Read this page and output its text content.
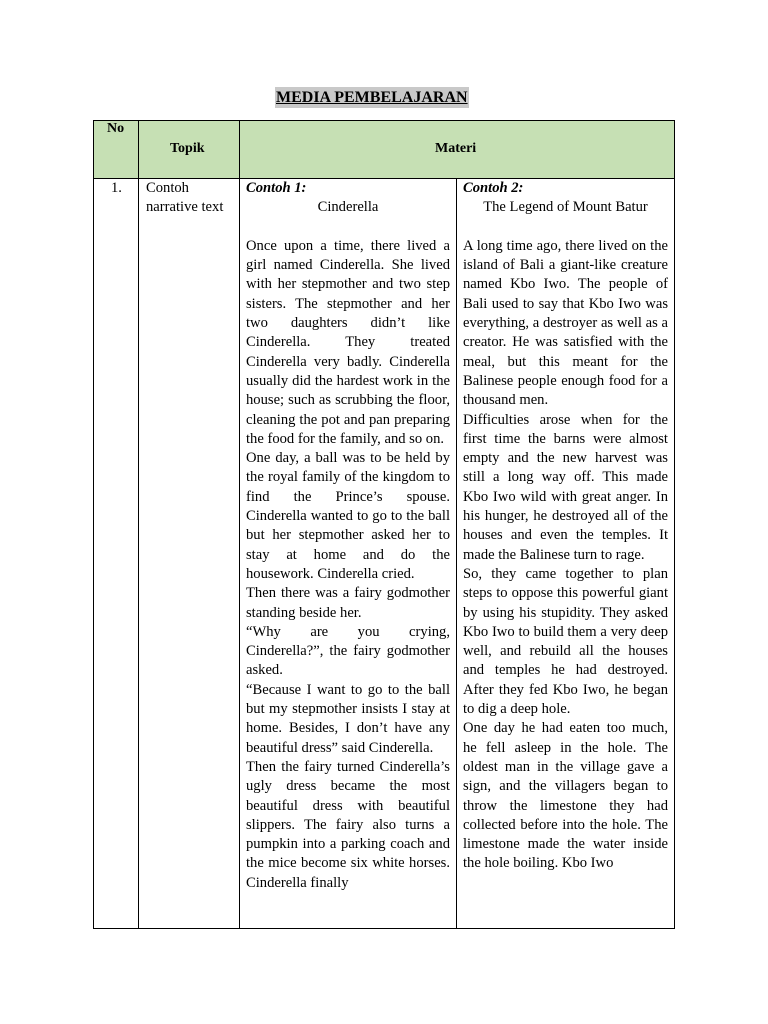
MEDIA PEMBELAJARAN
No
Topik	Materi
1.	Contoh narrative text
Contoh 1:
Cinderella

Once upon a time, there lived a girl named Cinderella. She lived with her stepmother and two step sisters. The stepmother and her two daughters didn’t like Cinderella. They treated Cinderella very badly. Cinderella usually did the hardest work in the house; such as scrubbing the floor, cleaning the pot and pan preparing the food for the family, and so on.

One day, a ball was to be held by the royal family of the kingdom to find the Prince’s spouse. Cinderella wanted to go to the ball but her stepmother asked her to stay at home and do the housework. Cinderella cried.

Then there was a fairy godmother standing beside her.

“Why are you crying, Cinderella?”, the fairy godmother asked.

“Because I want to go to the ball but my stepmother insists I stay at home. Besides, I don’t have any beautiful dress” said Cinderella.

Then the fairy turned Cinderella’s ugly dress became the most beautiful dress with beautiful slippers. The fairy also turns a pumpkin into a parking coach and the mice become six white horses. Cinderella finally

Contoh 2:
The Legend of Mount Batur

A long time ago, there lived on the island of Bali a giant-like creature named Kbo Iwo. The people of Bali used to say that Kbo Iwo was everything, a destroyer as well as a creator. He was satisfied with the meal, but this meant for the Balinese people enough food for a thousand men.

Difficulties arose when for the first time the barns were almost empty and the new harvest was still a long way off. This made Kbo Iwo wild with great anger. In his hunger, he destroyed all of the houses and even the temples. It made the Balinese turn to rage.

So, they came together to plan steps to oppose this powerful giant by using his stupidity. They asked Kbo Iwo to build them a very deep well, and rebuild all the houses and temples he had destroyed. After they fed Kbo Iwo, he began to dig a deep hole.

One day he had eaten too much, he fell asleep in the hole. The oldest man in the village gave a sign, and the villagers began to throw the limestone they had collected before into the hole. The limestone made the water inside the hole boiling. Kbo Iwo
